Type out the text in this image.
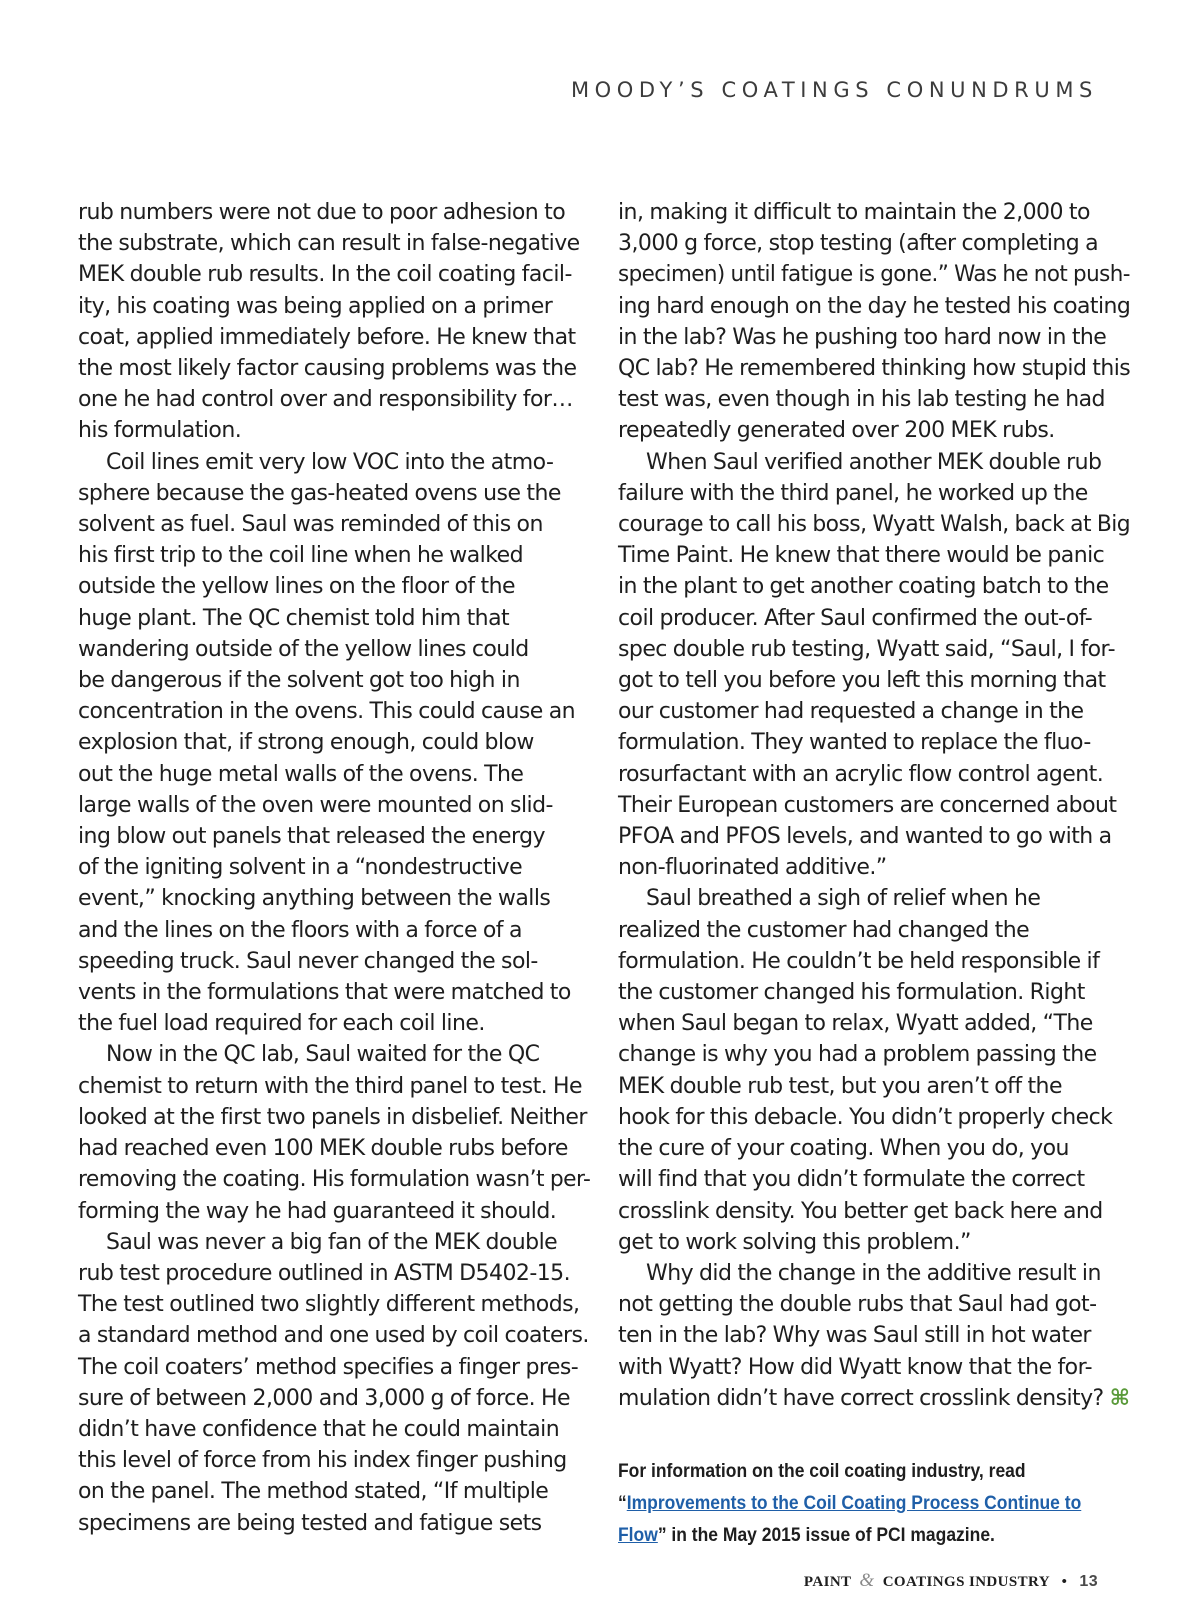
MOODY’S COATINGS CONUNDRUMS
rub numbers were not due to poor adhesion to
the substrate, which can result in false-negative
MEK double rub results. In the coil coating facil-
ity, his coating was being applied on a primer
coat, applied immediately before. He knew that
the most likely factor causing problems was the
one he had control over and responsibility for…
his formulation.
Coil lines emit very low VOC into the atmo-
sphere because the gas-heated ovens use the
solvent as fuel. Saul was reminded of this on
his first trip to the coil line when he walked
outside the yellow lines on the floor of the
huge plant. The QC chemist told him that
wandering outside of the yellow lines could
be dangerous if the solvent got too high in
concentration in the ovens. This could cause an
explosion that, if strong enough, could blow
out the huge metal walls of the ovens. The
large walls of the oven were mounted on slid-
ing blow out panels that released the energy
of the igniting solvent in a “nondestructive
event,” knocking anything between the walls
and the lines on the floors with a force of a
speeding truck. Saul never changed the sol-
vents in the formulations that were matched to
the fuel load required for each coil line.
Now in the QC lab, Saul waited for the QC
chemist to return with the third panel to test. He
looked at the first two panels in disbelief. Neither
had reached even 100 MEK double rubs before
removing the coating. His formulation wasn’t per-
forming the way he had guaranteed it should.
Saul was never a big fan of the MEK double
rub test procedure outlined in ASTM D5402-15.
The test outlined two slightly different methods,
a standard method and one used by coil coaters.
The coil coaters’ method specifies a finger pres-
sure of between 2,000 and 3,000 g of force. He
didn’t have confidence that he could maintain
this level of force from his index finger pushing
on the panel. The method stated, “If multiple
specimens are being tested and fatigue sets
in, making it difficult to maintain the 2,000 to
3,000 g force, stop testing (after completing a
specimen) until fatigue is gone.” Was he not push-
ing hard enough on the day he tested his coating
in the lab? Was he pushing too hard now in the
QC lab? He remembered thinking how stupid this
test was, even though in his lab testing he had
repeatedly generated over 200 MEK rubs.
When Saul verified another MEK double rub
failure with the third panel, he worked up the
courage to call his boss, Wyatt Walsh, back at Big
Time Paint. He knew that there would be panic
in the plant to get another coating batch to the
coil producer. After Saul confirmed the out-of-
spec double rub testing, Wyatt said, “Saul, I for-
got to tell you before you left this morning that
our customer had requested a change in the
formulation. They wanted to replace the fluo-
rosurfactant with an acrylic flow control agent.
Their European customers are concerned about
PFOA and PFOS levels, and wanted to go with a
non-fluorinated additive.”
Saul breathed a sigh of relief when he
realized the customer had changed the
formulation. He couldn’t be held responsible if
the customer changed his formulation. Right
when Saul began to relax, Wyatt added, “The
change is why you had a problem passing the
MEK double rub test, but you aren’t off the
hook for this debacle. You didn’t properly check
the cure of your coating. When you do, you
will find that you didn’t formulate the correct
crosslink density. You better get back here and
get to work solving this problem.”
Why did the change in the additive result in
not getting the double rubs that Saul had got-
ten in the lab? Why was Saul still in hot water
with Wyatt? How did Wyatt know that the for-
mulation didn’t have correct crosslink density? ⌘
For information on the coil coating industry, read
“Improvements to the Coil Coating Process Continue to
Flow” in the May 2015 issue of PCI magazine.
PAINT & COATINGS INDUSTRY • 13
